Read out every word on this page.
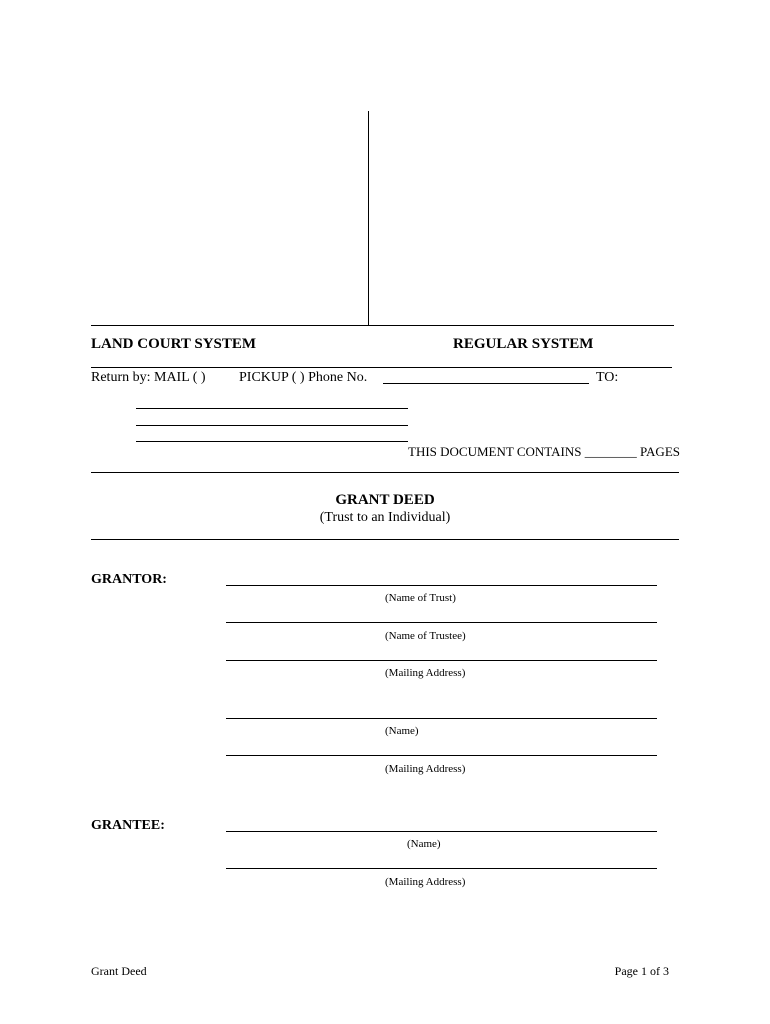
LAND COURT SYSTEM	REGULAR SYSTEM
Return by: MAIL ( ) PICKUP ( ) Phone No.	TO:
THIS DOCUMENT CONTAINS ________ PAGES
GRANT DEED
(Trust to an Individual)
GRANTOR:
(Name of Trust)
(Name of Trustee)
(Mailing Address)
(Name)
(Mailing Address)
GRANTEE:
(Name)
(Mailing Address)
Grant Deed	Page 1 of 3
